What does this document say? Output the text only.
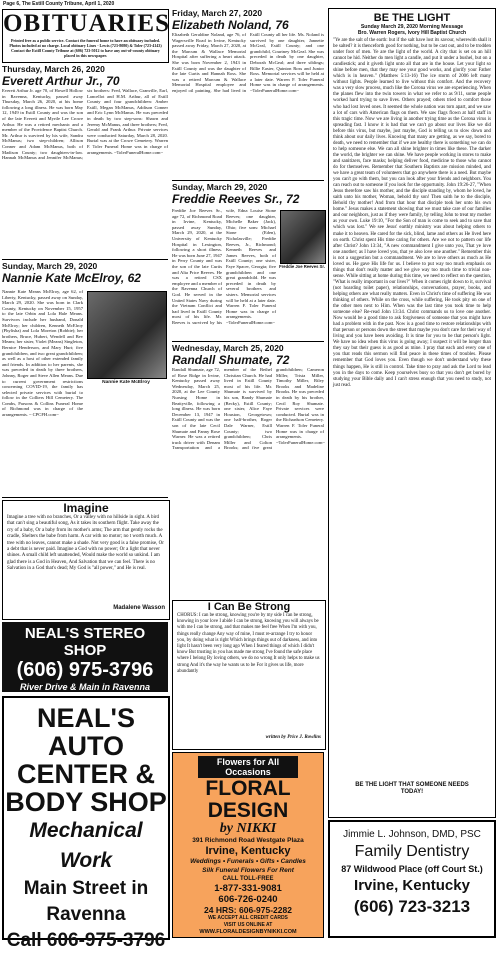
Page 6, The Estill County Tribune, April 1, 2020
OBITUARIES
Printed free as a public service. Contact the funeral home to have an obituary included. Photos included at no charge. Local obituary Lines - Lewis (723-8080) & Toler (723-4143) Contact the Estill County Tribune at (606) 723-5012 to have any out-of-county obituary placed in this newspaper.
Thursday, March 26, 2020
Everett Arthur Jr., 70
Everett Arthur Jr. age 70, of Howell Hollow in Ravenna, Kentucky, passed away Thursday, March 26, 2020, at his home following a long illness. He was born May 12, 1949 in Estill County and was the son of the late Everett and Myrtle Lee Crowe Arthur. He was a retired mechanic and a member of the Providence Baptist Church. Mr. Arthur is survived by his wife, Sandra McManus; two step-children; Allison Conner and Adam McManus, both of Madison County; two daughters-in-law. Hannah McManus and Jennifer McManus; six brothers: Fred, Wallace, Granville, Earl, Lancellot and H.M. Arthur, all of Estill County and four grandchildren: Amber Estill, Megan McManus, Addison Conner and Eric Lynn McManus. He was preceded in death by two step-sons: Shawn and Jeremy McManus, and three brothers; Fred, Gerald and Frank Arthur. Private services were conducted Saturday, March 28, 2020. Burial was at the Crowe Cemetery. Warren F. Toler Funeral Home was in charge of arrangements. ~TolerFuneralHome.com~
Sunday, March 29, 2020
Nannie Kate McElroy, 62
Nannie Kate Means McElroy, age 62, of Liberty, Kentucky, passed away on Sunday, March 29, 2020. She was born in Clark County, Kentucky on November 15, 1957 to the late Orbin and Lola Hale Means. Survivors include her husband, Donald McElroy; her children, Kenneth McElroy (Phylisha) and Lola Moreton (Robbie); her brothers, Bruce, Hubert, Wendell and Bev Means; her sister, Violet (Means) Singleton, Bernice Henderson, and Mary Hurt; five grandchildren, and two great grandchildren; as well as a host of other extended family and friends. In addition to her parents, she was preceded in death by three brothers, Johnny, Roger and Steve Allen Means. Due to current government restrictions concerning COVID-19, the family has selected private services with burial to follow in the Colliers Hill Cemetery. The Combs, Parsons & Collins Funeral Home of Richmond was in charge of the arrangements. ~ CPCFH.com~
Nannie Kate McElroy
Imagine
Imagine a tree with no branches, Or a valley with no hillside in sight. A bird that can't sing a beautiful song, As it takes its southern flight. Take away the cry of a baby, Or a baby from its mother's arms; The arm that gently rocks the cradle, Shelters the babe from harm. A car with no motor; no t worth much. A tree with no leaves, cannot make a shade. Not very good is a false promise, Or a debt that is never paid. Imagine a God with no power; Or a light that never shines. A small child left unattended, Would make the world so unkind. I am glad there is a God in Heaven, And Salvation that we can feel. There is no Salvation in a God that's dead; My God is "all power," and He is real.
Madalene Wasson
NEAL'S STEREO SHOP
(606) 975-3796
River Drive & Main in Ravenna
NEAL'S AUTO
CENTER &
BODY SHOP
Mechanical Work
Main Street in Ravenna
Call 606-975-3796
Friday, March 27, 2020
Elizabeth Noland, 76
Elizabeth Geraldine Noland, age 76, of Wagersville Road in Irvine, Kentucky passed away Friday, March 27, 2020, at the Marcum & Wallace Memorial Hospital after suffering a heart attack. She was born November 2, 1943 in Estill County and was the daughter of the late Curtis and Hannah Ross. She was a retired Marcum & Wallace Memorial Hospital employee and enjoyed oil painting. She had lived in Estill County all her life. Ms. Noland is survived by one daughter, Jannette McGeal, Estill County; and one grandchild, Courtney McGeal. She was preceded in death by one daughter, Deborah McGeal; and three siblings; Billie Easter, Quinton Ross and Junior Ross. Memorial services will be held at a later date. Warren F. Toler Funeral Home was in charge of arrangements. ~TolerFuneralHome.com~
Sunday, March 29, 2020
Freddie Reeves Sr., 72
Freddie Joe Reeves Sr., age 72, of Richmond Road in Irvine, Kentucky, passed away Sunday, March 29, 2020, at the University of Kentucky Hospital in Lexington, following a short illness. He was born June 27, 1947 in Perry County and was the son of the late Curtis and Alta Price Reeves. He was a retired CSX employee and a member of the Ravenna Church of God. He served in the United States Navy during the Vietnam Conflict and had lived in Estill County most of his life. Mr. Reeves is survived by his wife, Edna Louise Stone Reeves; one daughter, Michelle Baker (Jack), Ohio; five sons: Michael Stone (Eden), Nicholasville; Freddie Reeves, Jr., Richmond; Kenneth Reeves and James Reeves, both of Estill County; one sister, Faye Spacer, Georgia; five grandchildren and one great grandchild. He was preceded in death by several brothers and sisters. Memorial services will be held at a later date. Warren F. Toler Funeral Home was in charge of arrangements. ~TolerFuneralHome.com~
Freddie Joe Reeves Sr.
Wednesday, March 25, 2020
Randall Shumate, 72
Randall Shumate, age 72, of Rose Ridge in Irvine, Kentucky passed away Wednesday, March 25, 2020, at the Lee County Nursing Home in Beattyville, following a long illness. He was born December 13, 1947 in Estill County and was the son of the late Cecil Shumate and Fanny Rose Warner. He was a retired truck driver with Denam Transportation and a member of the Bethel Christian Church. He had lived in Estill County most of his life. Mr. Shumate is survived by his son, Randy Shumate (Becky), Estill County; one sister, Alice Faye Houston, Georgetown; one half-brother, Roger Dale Warner, Estill County; two grandchildren; Chris Miller and Colton Brooks; and five great grandchildren; Cameron Miller, Trista Miller, Timothy Miller, Riley Brooks and Madeline Brooks. He was preceded in death by his brother, Cecil Roy Shumate. Private services were conducted. Burial was in the Richardson Cemetery. Warren F. Toler Funeral Home was in charge of arrangements. ~TolerFuneralHome.com~
I Can Be Strong
CHORUS: I can be strong, knowing you're by my side I can be strong, knowing in your love I abide I can be strong, knowing you will always be with me I can be strong, and that makes me feel free When I'm with you, things really change Any way of mine, I must re-arrange I try to honor you, by doing what is right Which brings things out of darkness, and into light It hasn't been very long ago When I feared things of which I didn't know But trusting in you has made me strong I've found the safe place where I belong By loving others, we do no wrong It only helps to make us strong And it's the way he wants us to be For it gives us life, more abundantly
written by Price J. Rowlins
Flowers for All Occasions
FLORAL DESIGN
by NIKKI
391 Richmond Road Westgate Plaza
Irvine, Kentucky
Weddings • Funerals • Gifts • Candles
Silk Funeral Flowers For Rent
CALL TOLL-FREE
1-877-331-9081
606-726-0240
24 HRS: 606-975-2282
WE ACCEPT ALL CREDIT CARDS
VISIT US ONLINE AT
WWW.FLORALDESIGNBYNIKKI.COM
BE THE LIGHT
Sunday March 29, 2020 Morning Message
Bro. Warren Rogers, Ivory Hill Baptist Church
"Ye are the salt of the earth: but if the salt have lost its savour, wherewith shall it be salted? it is thenceforth good for nothing, but to be cast out, and to be trodden under foot of men. Ye are the light of the world. A city that is set on an hill cannot be hid. Neither do men light a candle, and put it under a bushel, but on a candlestick; and it giveth light unto all that are in the house. Let your light so shine before men, that they may see your good works, and glorify your Father which is in heaven." (Matthew 5:13-16) The ice storm of 2006 left many without lights. People learned to live without this comfort. And the recovery was a very slow process, much like the Corona virus we are experiencing. When the planes flew into the twin towers in what we refer to as 9/11, some people worked hard trying to save lives. Others prayed; others tried to comfort those who had lost loved ones. It seemed the whole nation was torn apart, and we saw a lot of cars with American flags on them. We saw flags flown at half staff in this tragic time. Now we are living in another trying time as the Corona virus is spreading fast. I know it is bad that we can't go about our lives like we did before this virus, but maybe, just maybe, God is telling us to slow down and think about our daily lives. Knowing that many are getting, as we say, bored to death, we need to remember that if we are healthy there is something we can do to help someone else. We can all shine brighter in times like these. The darker the world, the brighter we can shine. We have people working in stores to make and sanitizers, face masks; helping deliver food, medicine to those who cannot do for themselves. Remember that Southern Baptists are mission minded, and we have a great team of volunteers that go anywhere there is a need. But maybe you can't go with them, but you can look after your friends and neighbors. You can reach out to someone if you look for the opportunity. John 19:26-27, "When Jesus therefore saw his mother, and the disciple standing by, whom he loved, he saith unto his mother, Woman, behold thy son! Then saith he to the disciple, Behold thy mother! And from that hour that disciple took her unto his own home." Jesus makes a statement showing that we must take care of our families and our neighbors, just as if they were family, by telling John to treat my mother as your own. Luke 19:10, "For the Son of man is come to seek and to save that which was lost." We see Jesus' earthly ministry was about helping others to make it to heaven. He cared for the sick, blind, lame and others as He lived here on earth. Christ spent His time caring for others. Are we not to pattern our life after Christ? John 13:34, "A new commandment I give unto you, That ye love one another; as I have loved you, that ye also love one another." Remember this is not a suggestion but a commandment. We are to love others as much as He loved us. He gave His life for us. I believe to put way too much emphasis on things that don't really matter and we give way too much time to trivial non-sense. While sitting at home during this time, we need to reflect on the question, "What is really important in our lives?" When it comes right down to it, survival (not hoarding toilet paper), relationships, conversations, prayer, books, and helping others are what really matters. Even in Christ's time of suffering He was thinking of others. While on the cross, while suffering, He took pity on one of the other men next to Him. When was the last time you took time to help someone else? Re-read John 13:34. Christ commands us to love one another. Now would be a good time to ask forgiveness of someone that you might have had a problem with in the past. Now is a good time to restore relationships with that person or persons down the street that maybe you don't care for their way of living and you have been avoiding. It is time for you to be that person's light. We have no idea when this virus is going away; I suspect it will be longer than they say but their guess is as good as mine. I pray that each and every one of you that reads this sermon will find peace in these times of troubles. Please remember that God loves you. Even though we don't understand why these things happen, He is still in control. Take time to pray and ask the Lord to lead you in the days to come. Keep yourselves busy so that you don't get bored by studying your Bible daily and I can't stress enough that you need to study, not just read.
BE THE LIGHT THAT SOMEONE NEEDS TODAY!
Jimmie L. Johnson, DMD, PSC
Family Dentistry
87 Wildwood Place (off Court St.)
Irvine, Kentucky
(606) 723-3213
